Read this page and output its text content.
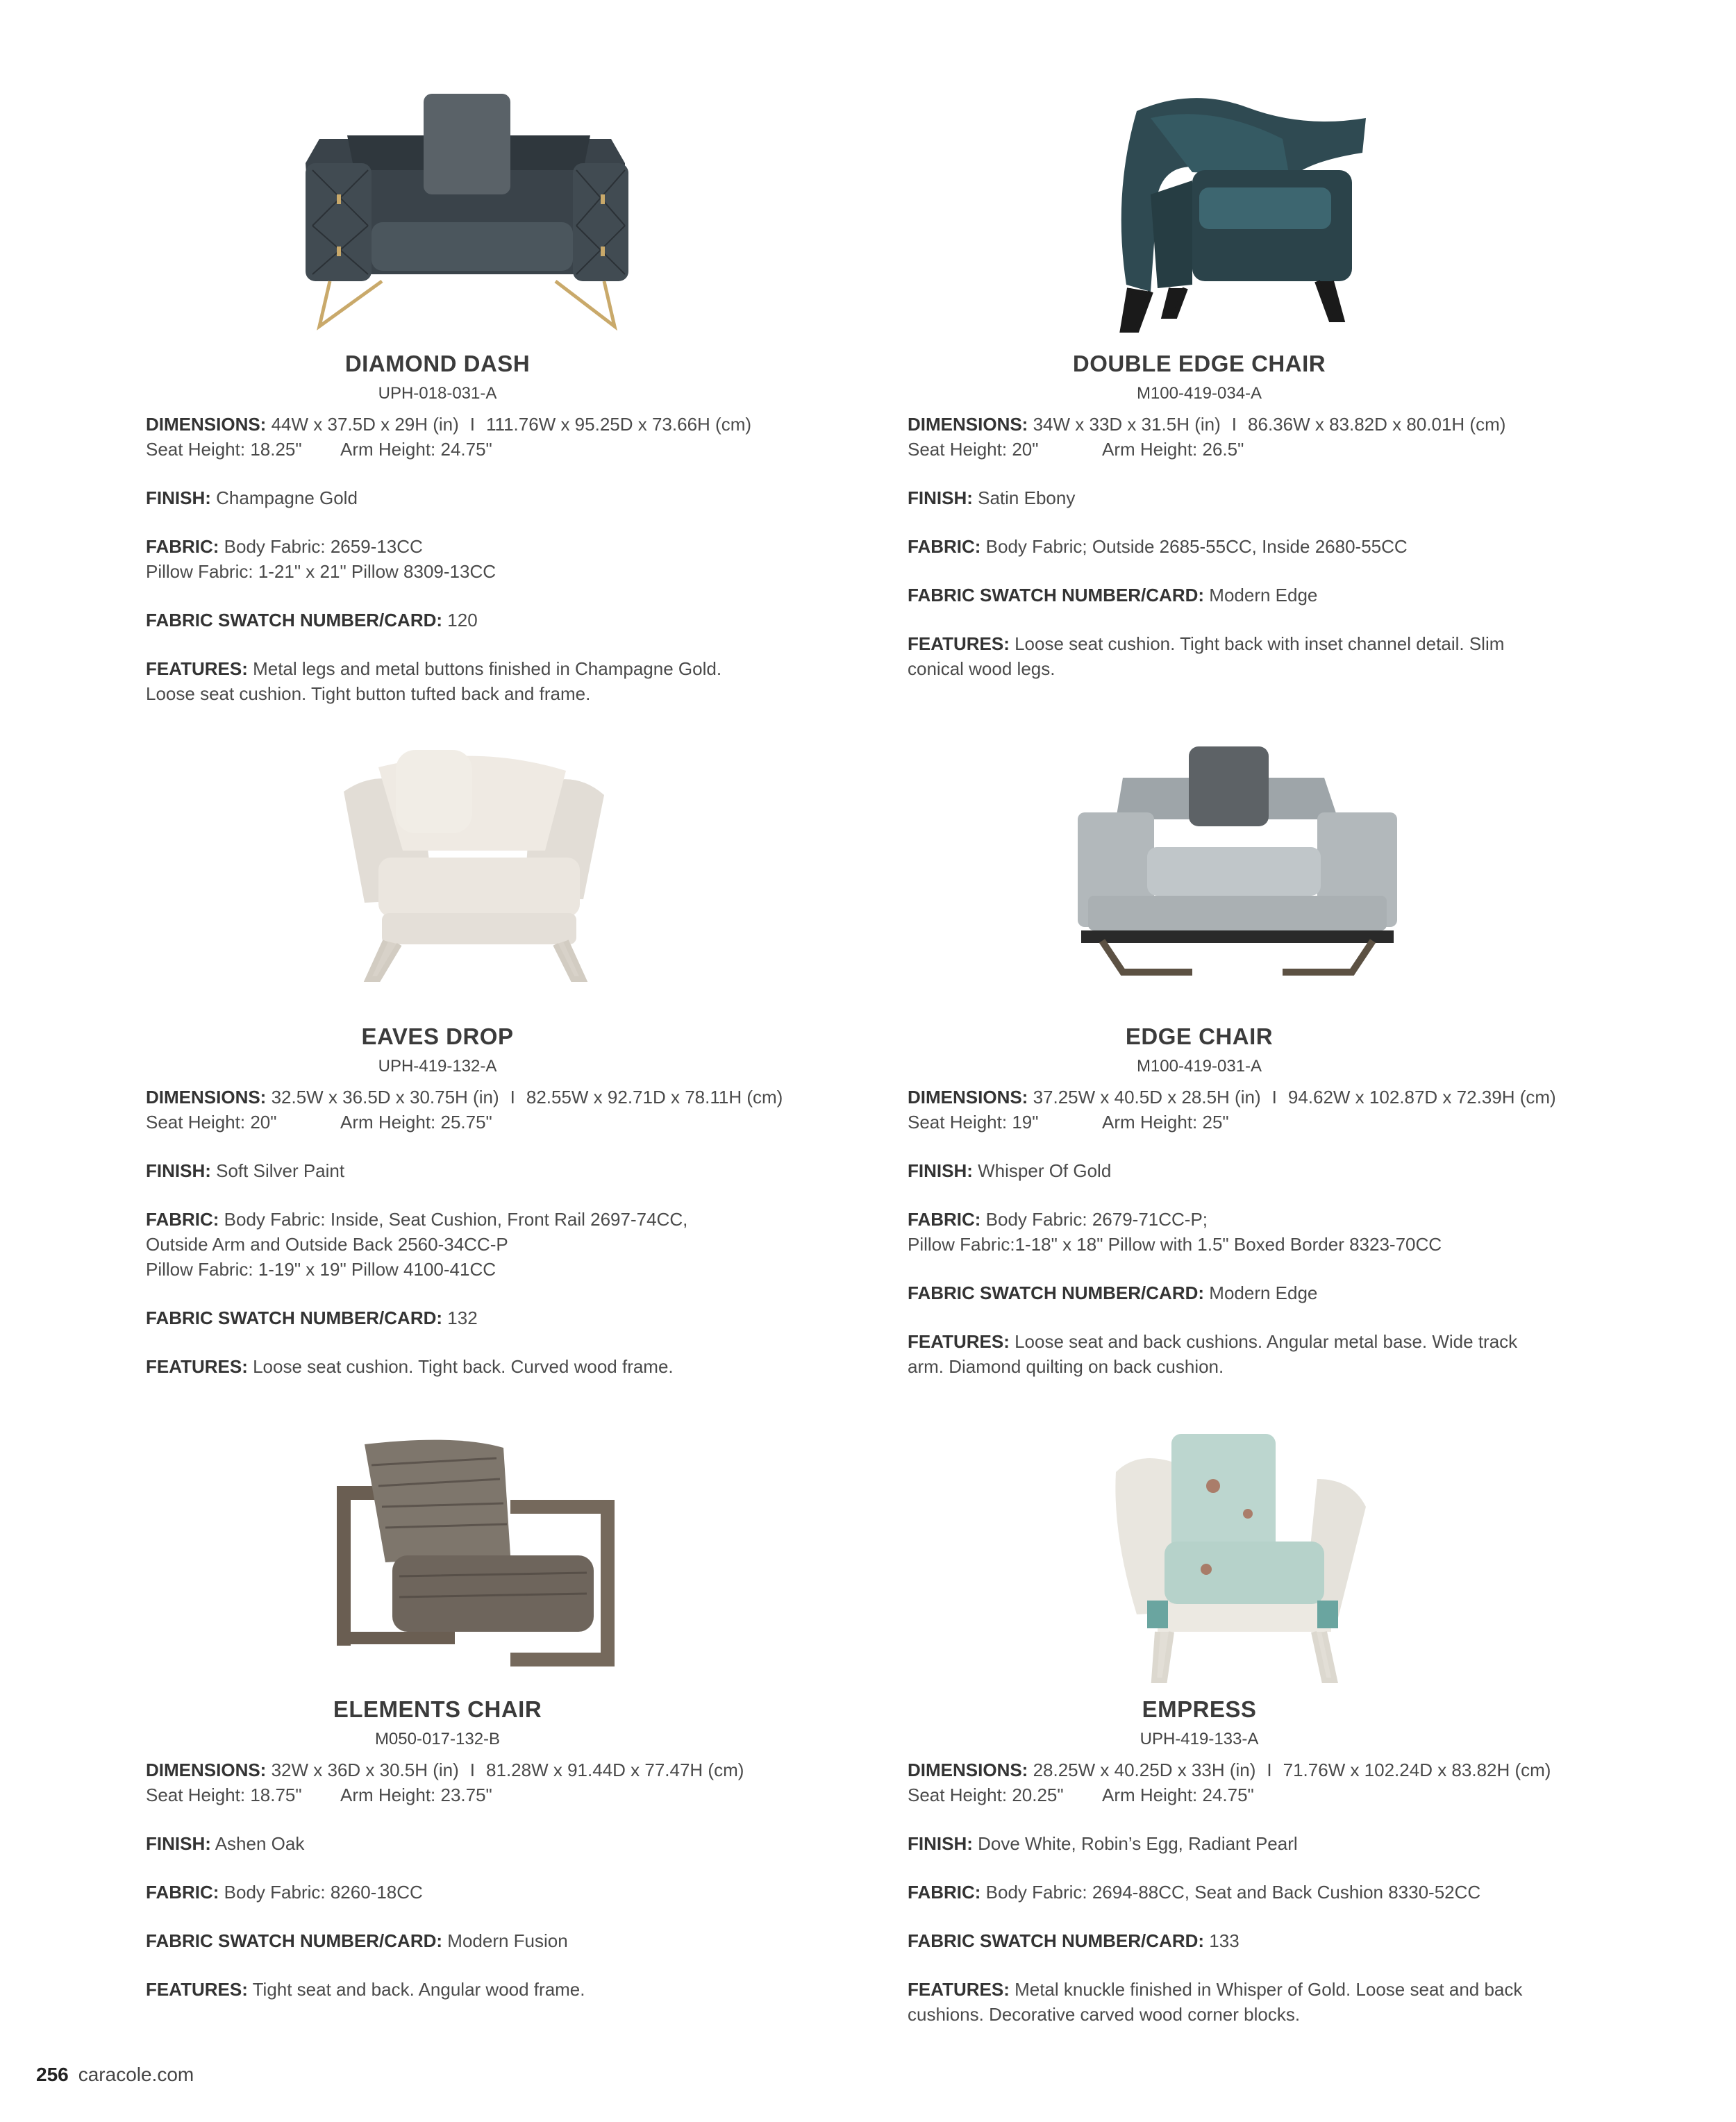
DIAMOND DASH
UPH-018-031-A
DIMENSIONS: 44W x 37.5D x 29H (in) I 111.76W x 95.25D x 73.66H (cm)
Seat Height: 18.25" Arm Height: 24.75"
FINISH: Champagne Gold
FABRIC: Body Fabric: 2659-13CC
Pillow Fabric: 1-21" x 21" Pillow 8309-13CC
FABRIC SWATCH NUMBER/CARD: 120
FEATURES: Metal legs and metal buttons finished in Champagne Gold.
Loose seat cushion. Tight button tufted back and frame.
DOUBLE EDGE CHAIR
M100-419-034-A
DIMENSIONS: 34W x 33D x 31.5H (in) I 86.36W x 83.82D x 80.01H (cm)
Seat Height: 20"	Arm Height: 26.5"
FINISH: Satin Ebony
FABRIC: Body Fabric; Outside 2685-55CC, Inside 2680-55CC
FABRIC SWATCH NUMBER/CARD: Modern Edge
FEATURES: Loose seat cushion. Tight back with inset channel detail. Slim
conical wood legs.
EAVES DROP
UPH-419-132-A
DIMENSIONS: 32.5W x 36.5D x 30.75H (in) I 82.55W x 92.71D x 78.11H (cm)
Seat Height: 20"	Arm Height: 25.75"
FINISH: Soft Silver Paint
FABRIC: Body Fabric: Inside, Seat Cushion, Front Rail 2697-74CC,
Outside Arm and Outside Back 2560-34CC-P
Pillow Fabric: 1-19" x 19" Pillow 4100-41CC
FABRIC SWATCH NUMBER/CARD: 132
FEATURES: Loose seat cushion. Tight back. Curved wood frame.
EDGE CHAIR
M100-419-031-A
DIMENSIONS: 37.25W x 40.5D x 28.5H (in) I 94.62W x 102.87D x 72.39H (cm)
Seat Height: 19"	Arm Height: 25"
FINISH: Whisper Of Gold
FABRIC: Body Fabric: 2679-71CC-P;
Pillow Fabric:1-18" x 18" Pillow with 1.5" Boxed Border 8323-70CC
FABRIC SWATCH NUMBER/CARD: Modern Edge
FEATURES: Loose seat and back cushions. Angular metal base. Wide track
arm. Diamond quilting on back cushion.
ELEMENTS CHAIR
M050-017-132-B
DIMENSIONS: 32W x 36D x 30.5H (in) I 81.28W x 91.44D x 77.47H (cm)
Seat Height: 18.75" Arm Height: 23.75"
FINISH: Ashen Oak
FABRIC: Body Fabric: 8260-18CC
FABRIC SWATCH NUMBER/CARD: Modern Fusion
FEATURES: Tight seat and back. Angular wood frame.
EMPRESS
UPH-419-133-A
DIMENSIONS: 28.25W x 40.25D x 33H (in) I 71.76W x 102.24D x 83.82H (cm)
Seat Height: 20.25" Arm Height: 24.75"
FINISH: Dove White, Robin’s Egg, Radiant Pearl
FABRIC: Body Fabric: 2694-88CC, Seat and Back Cushion 8330-52CC
FABRIC SWATCH NUMBER/CARD: 133
FEATURES: Metal knuckle finished in Whisper of Gold. Loose seat and back
cushions. Decorative carved wood corner blocks.
256 caracole.com
